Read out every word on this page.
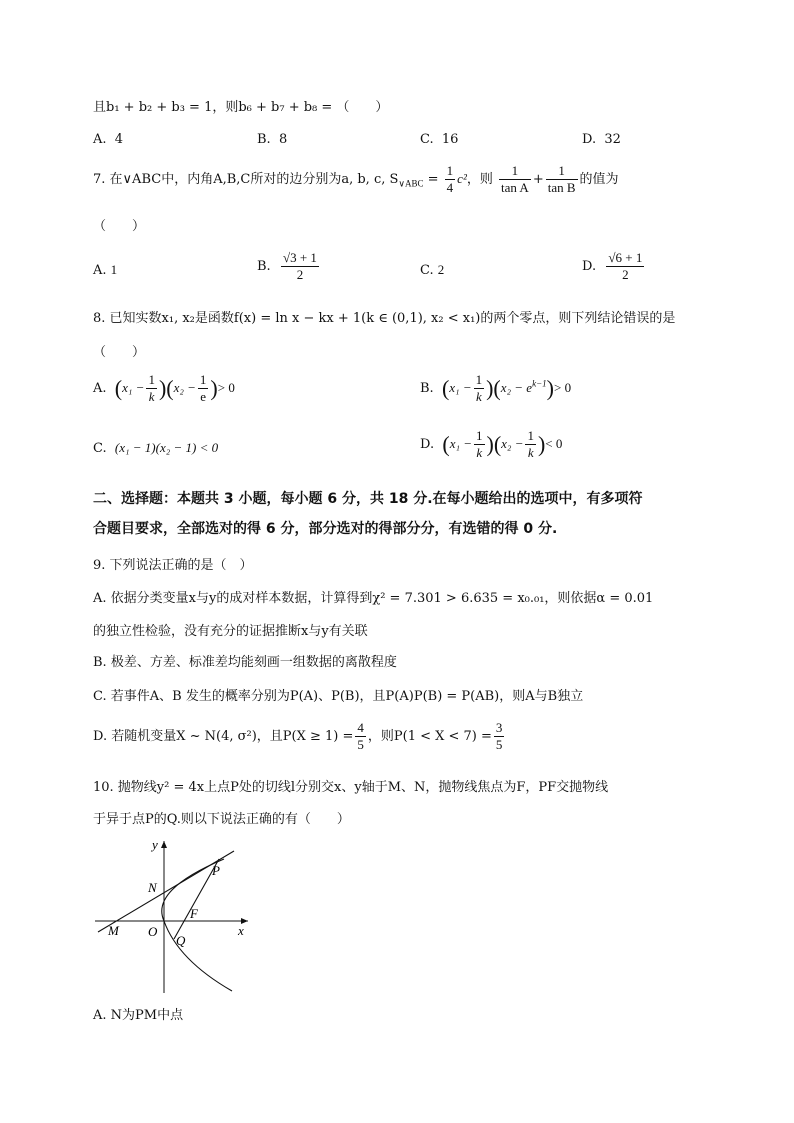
且b₁ + b₂ + b₃ = 1，则b₆ + b₇ + b₈ = （　　）
A. 4	B. 8	C. 16	D. 32
7. 在∨ABC中，内角A,B,C所对的边分别为a, b, c, $S_{\vee ABC} = \frac{1}{4} c^2$，则 $\frac{1}{\text{tan A}} + \frac{1}{\text{tan B}}$ 的值为
（　　）
A. 1	B. $\frac{√3 + 1}{2}$	C. 2	D. $\frac{√6 + 1}{2}$
8. 已知实数x₁, x₂是函数f(x) = ln x − kx + 1(k ∈ (0,1), x₂ < x₁)的两个零点，则下列结论错误的是
（　　）
A. $(x_1 - \frac{1}{k} )(x_2 - \frac{1}{e}$ )> 0	B. $(x_1 - \frac{1}{k} )(x_2 - e^{k-1})> 0$
C. (x₁ − 1)(x₂ − 1) < 0	D. $(x_1 - \frac{1}{k} )(x_2 - \frac{1}{k}$ )< 0
二、选择题：本题共 3 小题，每小题 6 分，共 18 分.在每小题给出的选项中，有多项符
合题目要求，全部选对的得 6 分，部分选对的得部分分，有选错的得 0 分.
9. 下列说法正确的是（　）
A. 依据分类变量x与y的成对样本数据，计算得到χ² = 7.301 > 6.635 = x₀.₀₁，则依据α = 0.01
的独立性检验，没有充分的证据推断x与y有关联
B. 极差、方差、标准差均能刻画一组数据的离散程度
C. 若事件A、B 发生的概率分别为P(A)、P(B)，且P(A)P(B) = P(AB)，则A与B独立
D. 若随机变量X ~ N(4, σ²)，且$P(X \ge 1) = \frac{4}{5}$ ，则$P(1 < X < 7) = \frac{3}{5}$
10. 抛物线y² = 4x上点P处的切线l分别交x、y轴于M、N，抛物线焦点为F，PF交抛物线
于异于点P的Q.则以下说法正确的有（　　）
y
x
O
M
N
P
F
Q
A. N为PM中点
